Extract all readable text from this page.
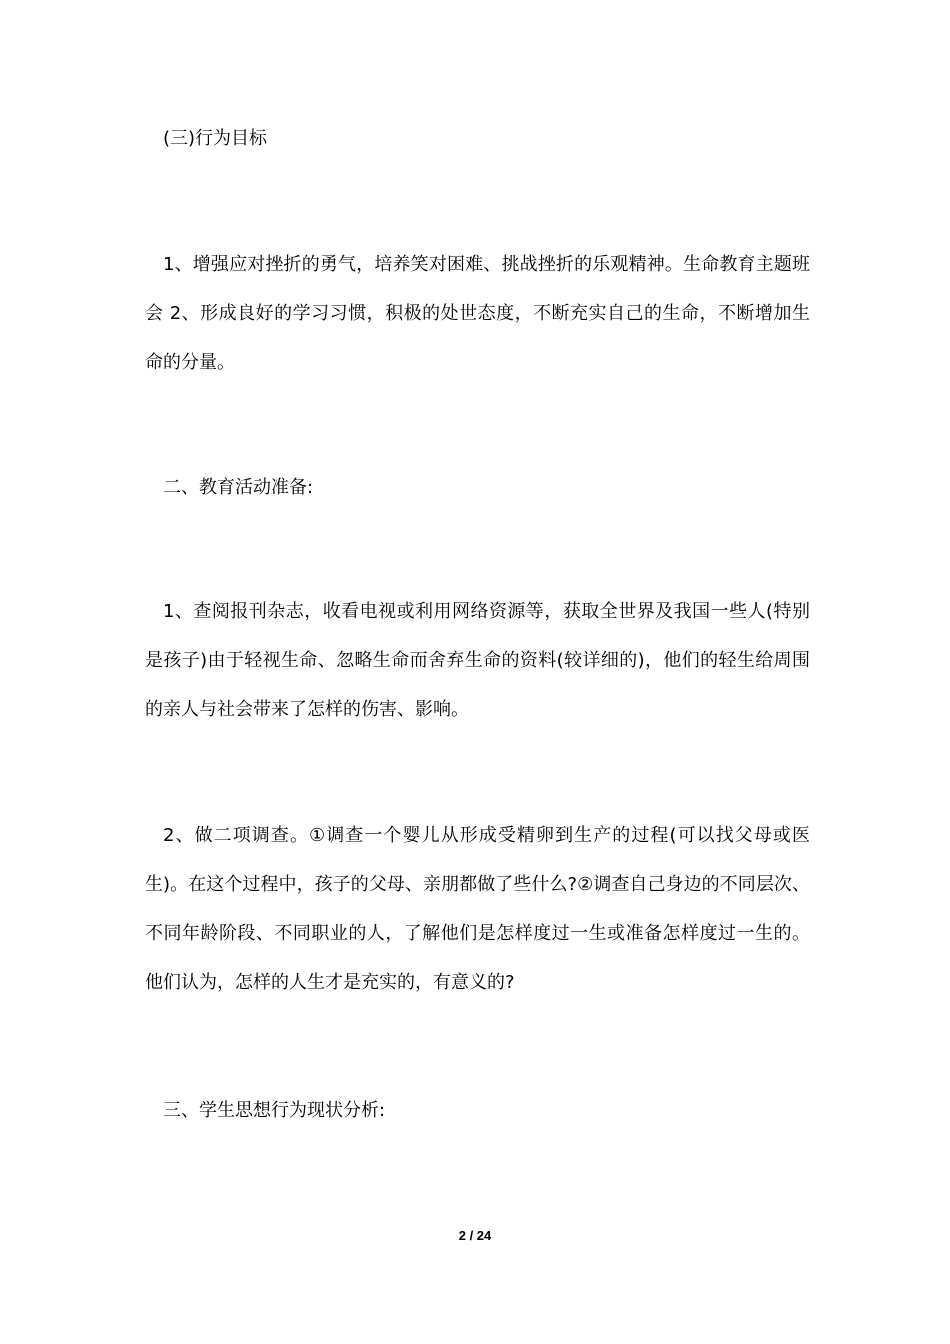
(三)行为目标

1、增强应对挫折的勇气，培养笑对困难、挑战挫折的乐观精神。生命教育主题班会 2、形成良好的学习习惯，积极的处世态度，不断充实自己的生命，不断增加生命的分量。

二、教育活动准备:

1、查阅报刊杂志，收看电视或利用网络资源等，获取全世界及我国一些人(特别是孩子)由于轻视生命、忽略生命而舍弃生命的资料(较详细的)，他们的轻生给周围的亲人与社会带来了怎样的伤害、影响。

2、做二项调查。①调查一个婴儿从形成受精卵到生产的过程(可以找父母或医生)。在这个过程中，孩子的父母、亲朋都做了些什么?②调查自己身边的不同层次、不同年龄阶段、不同职业的人，了解他们是怎样度过一生或准备怎样度过一生的。他们认为，怎样的人生才是充实的，有意义的?

三、学生思想行为现状分析:

2 / 24
